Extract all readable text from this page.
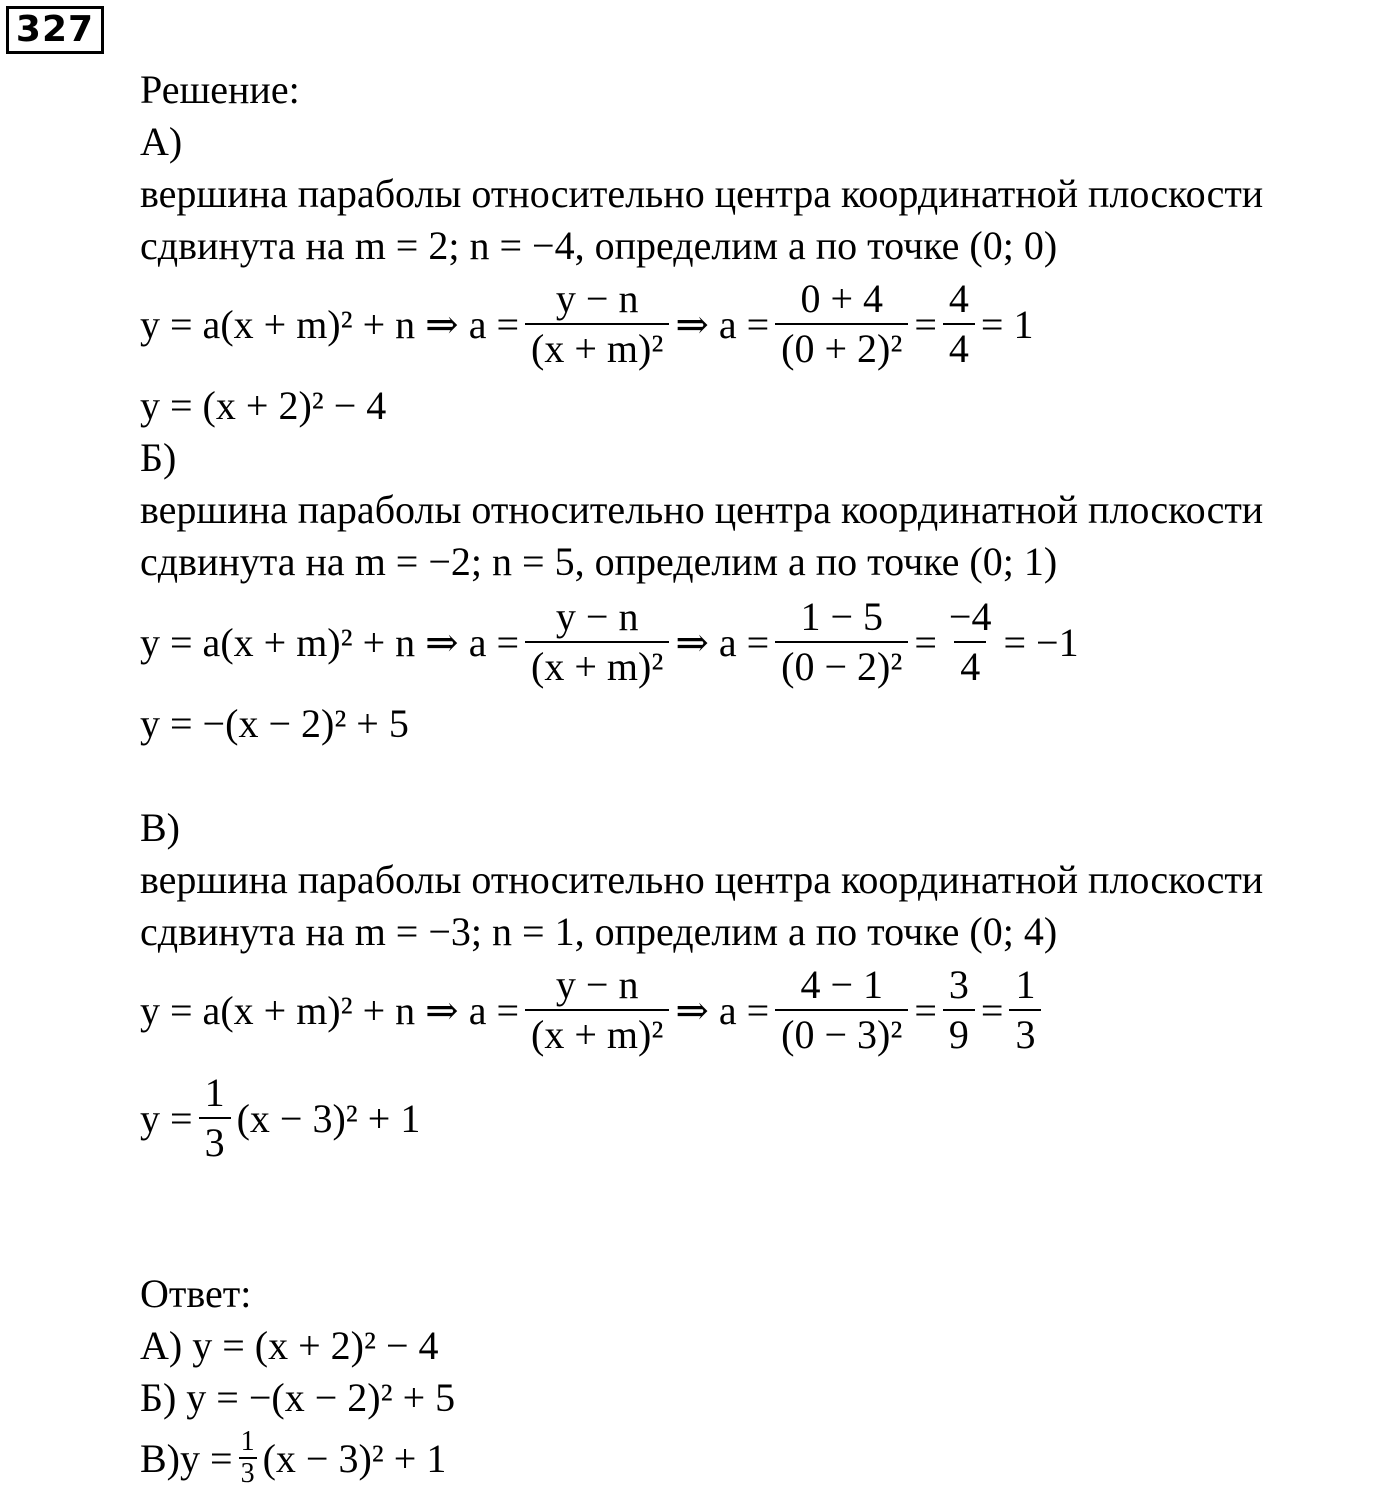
327
Решение:
А)
вершина параболы относительно центра координатной плоскости
сдвинута на m = 2; n = −4, определим a по точке (0; 0)
y = a(x + m)² + n ⇒ $a = \frac{y - n}{\text{(x + m)²}}$ ⇒ $a = \frac{0 + 4}{\text{(0 + 2)²}} = \frac{4}{4} = 1$
y = (x + 2)² − 4
Б)
вершина параболы относительно центра координатной плоскости
сдвинута на m = −2; n = 5, определим a по точке (0; 1)
y = a(x + m)² + n ⇒ $a = \frac{y - n}{\text{(x + m)²}}$ ⇒ $a = \frac{1 - 5}{\text{(0 − 2)²}} = \frac{-4}{4} = -1$
y = −(x − 2)² + 5
В)
вершина параболы относительно центра координатной плоскости
сдвинута на m = −3; n = 1, определим a по точке (0; 4)
y = a(x + m)² + n ⇒ $a = \frac{y - n}{\text{(x + m)²}}$ ⇒ $a = \frac{4 - 1}{\text{(0 − 3)²}} = \frac{3}{9} = \frac{1}{3}$
$y = \frac{1}{3} (x - 3)^2 + 1$
Ответ:
А) y = (x + 2)² − 4
Б) y = −(x − 2)² + 5
$В)y = \frac{1}{3} (x - 3)^2 + 1$
